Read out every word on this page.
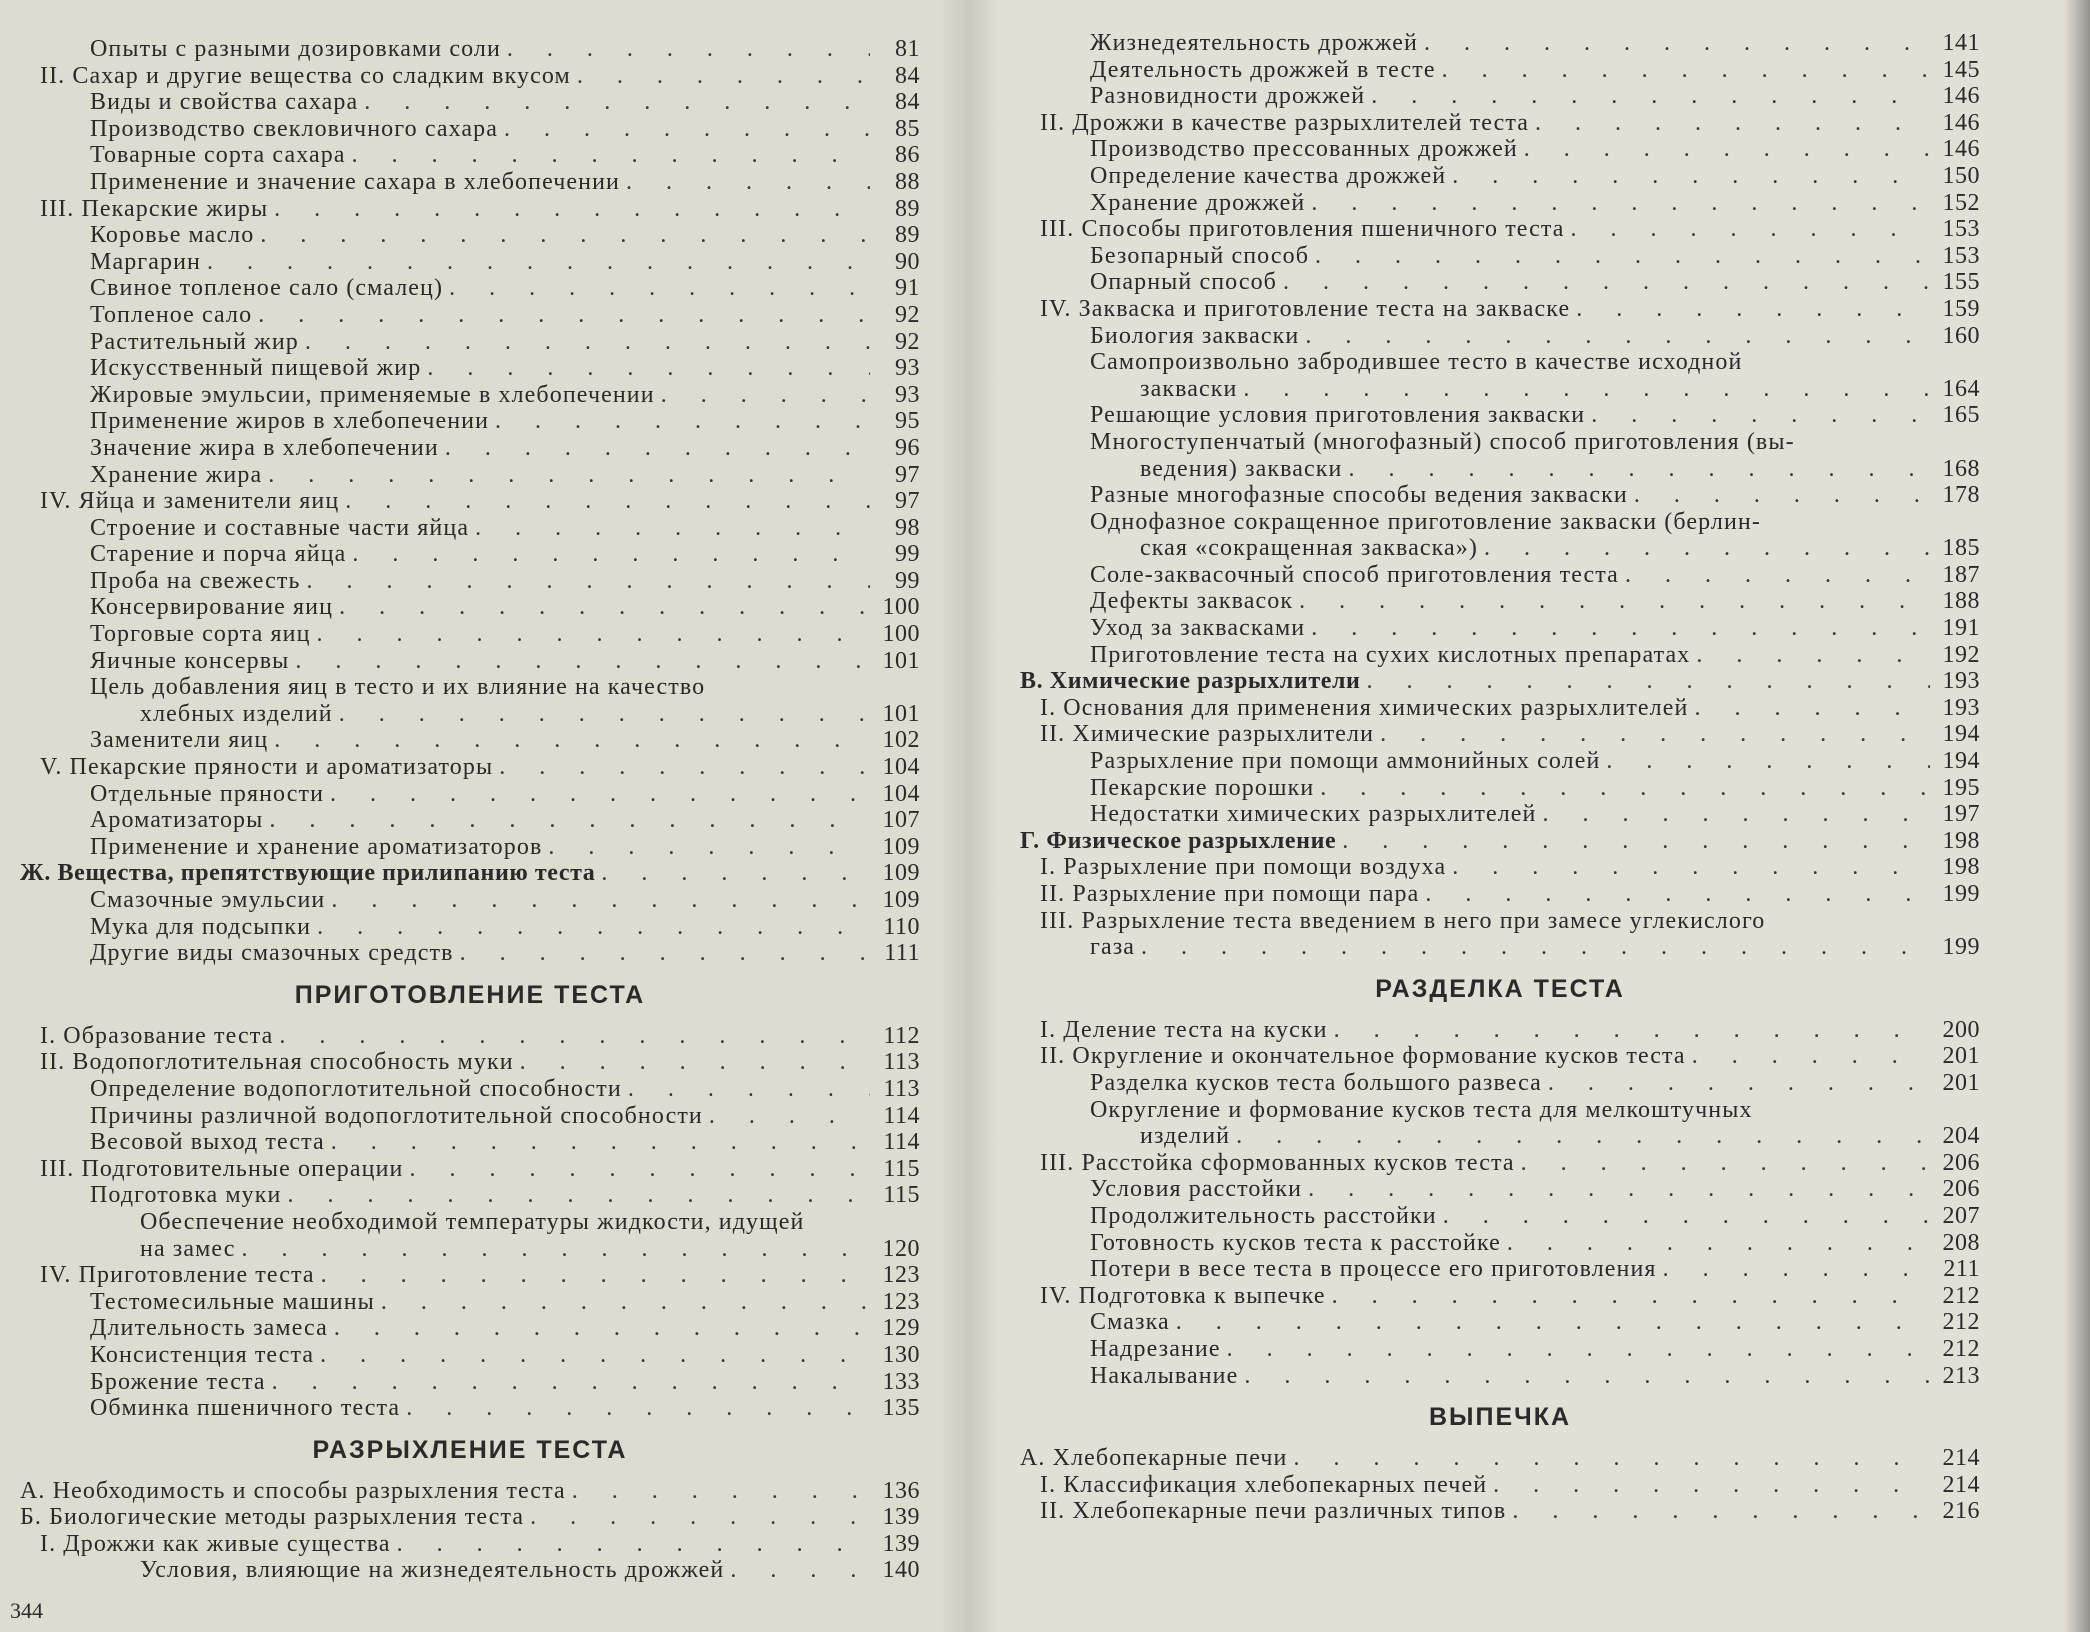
Опыты с разными дозировками соли . . .	81
II. Сахар и другие вещества со сладким вкусом . . .	84
Виды и свойства сахара . . .	84
Производство свекловичного сахара . . .	85
Товарные сорта сахара . . .	86
Применение и значение сахара в хлебопечении . . .	88
III. Пекарские жиры . . .	89
Коровье масло . . .	89
Маргарин . . .	90
Свиное топленое сало (смалец) . . .	91
Топленое сало . . .	92
Растительный жир . . .	92
Искусственный пищевой жир . . .	93
Жировые эмульсии, применяемые в хлебопечении . . .	93
Применение жиров в хлебопечении . . .	95
Значение жира в хлебопечении . . .	96
Хранение жира . . .	97
IV. Яйца и заменители яиц . . .	97
Строение и составные части яйца . . .	98
Старение и порча яйца . . .	99
Проба на свежесть . . .	99
Консервирование яиц . . .	100
Торговые сорта яиц . . .	100
Яичные консервы . . .	101
Цель добавления яиц в тесто и их влияние на качество
хлебных изделий . . .	101
Заменители яиц . . .	102
V. Пекарские пряности и ароматизаторы . . .	104
Отдельные пряности . . .	104
Ароматизаторы . . .	107
Применение и хранение ароматизаторов . . .	109
Ж. Вещества, препятствующие прилипанию теста . . .	109
Смазочные эмульсии . . .	109
Мука для подсыпки . . .	110
Другие виды смазочных средств . . .	111
ПРИГОТОВЛЕНИЕ ТЕСТА
I. Образование теста . . .	112
II. Водопоглотительная способность муки . . .	113
Определение водопоглотительной способности . . .	113
Причины различной водопоглотительной способности . . .	114
Весовой выход теста . . .	114
III. Подготовительные операции . . .	115
Подготовка муки . . .	115
Обеспечение необходимой температуры жидкости, идущей
на замес . . .	120
IV. Приготовление теста . . .	123
Тестомесильные машины . . .	123
Длительность замеса . . .	129
Консистенция теста . . .	130
Брожение теста . . .	133
Обминка пшеничного теста . . .	135
РАЗРЫХЛЕНИЕ ТЕСТА
А. Необходимость и способы разрыхления теста . . .	136
Б. Биологические методы разрыхления теста . . .	139
I. Дрожжи как живые существа . . .	139
Условия, влияющие на жизнедеятельность дрожжей . . .	140
344
Жизнедеятельность дрожжей . . .	141
Деятельность дрожжей в тесте . . .	145
Разновидности дрожжей . . .	146
II. Дрожжи в качестве разрыхлителей теста . . .	146
Производство прессованных дрожжей . . .	146
Определение качества дрожжей . . .	150
Хранение дрожжей . . .	152
III. Способы приготовления пшеничного теста . . .	153
Безопарный способ . . .	153
Опарный способ . . .	155
IV. Закваска и приготовление теста на закваске . . .	159
Биология закваски . . .	160
Самопроизвольно забродившее тесто в качестве исходной
закваски . . .	164
Решающие условия приготовления закваски . . .	165
Многоступенчатый (многофазный) способ приготовления (вы-
ведения) закваски . . .	168
Разные многофазные способы ведения закваски . . .	178
Однофазное сокращенное приготовление закваски (берлин-
ская «сокращенная закваска») . . .	185
Соле-заквасочный способ приготовления теста . . .	187
Дефекты заквасок . . .	188
Уход за заквасками . . .	191
Приготовление теста на сухих кислотных препаратах . . .	192
В. Химические разрыхлители . . .	193
I. Основания для применения химических разрыхлителей . . .	193
II. Химические разрыхлители . . .	194
Разрыхление при помощи аммонийных солей . . .	194
Пекарские порошки . . .	195
Недостатки химических разрыхлителей . . .	197
Г. Физическое разрыхление . . .	198
I. Разрыхление при помощи воздуха . . .	198
II. Разрыхление при помощи пара . . .	199
III. Разрыхление теста введением в него при замесе углекислого
газа . . .	199
РАЗДЕЛКА ТЕСТА
I. Деление теста на куски . . .	200
II. Округление и окончательное формование кусков теста . . .	201
Разделка кусков теста большого развеса . . .	201
Округление и формование кусков теста для мелкоштучных
изделий . . .	204
III. Расстойка сформованных кусков теста . . .	206
Условия расстойки . . .	206
Продолжительность расстойки . . .	207
Готовность кусков теста к расстойке . . .	208
Потери в весе теста в процессе его приготовления . . .	211
IV. Подготовка к выпечке . . .	212
Смазка . . .	212
Надрезание . . .	212
Накалывание . . .	213
ВЫПЕЧКА
А. Хлебопекарные печи . . .	214
I. Классификация хлебопекарных печей . . .	214
II. Хлебопекарные печи различных типов . . .	216
